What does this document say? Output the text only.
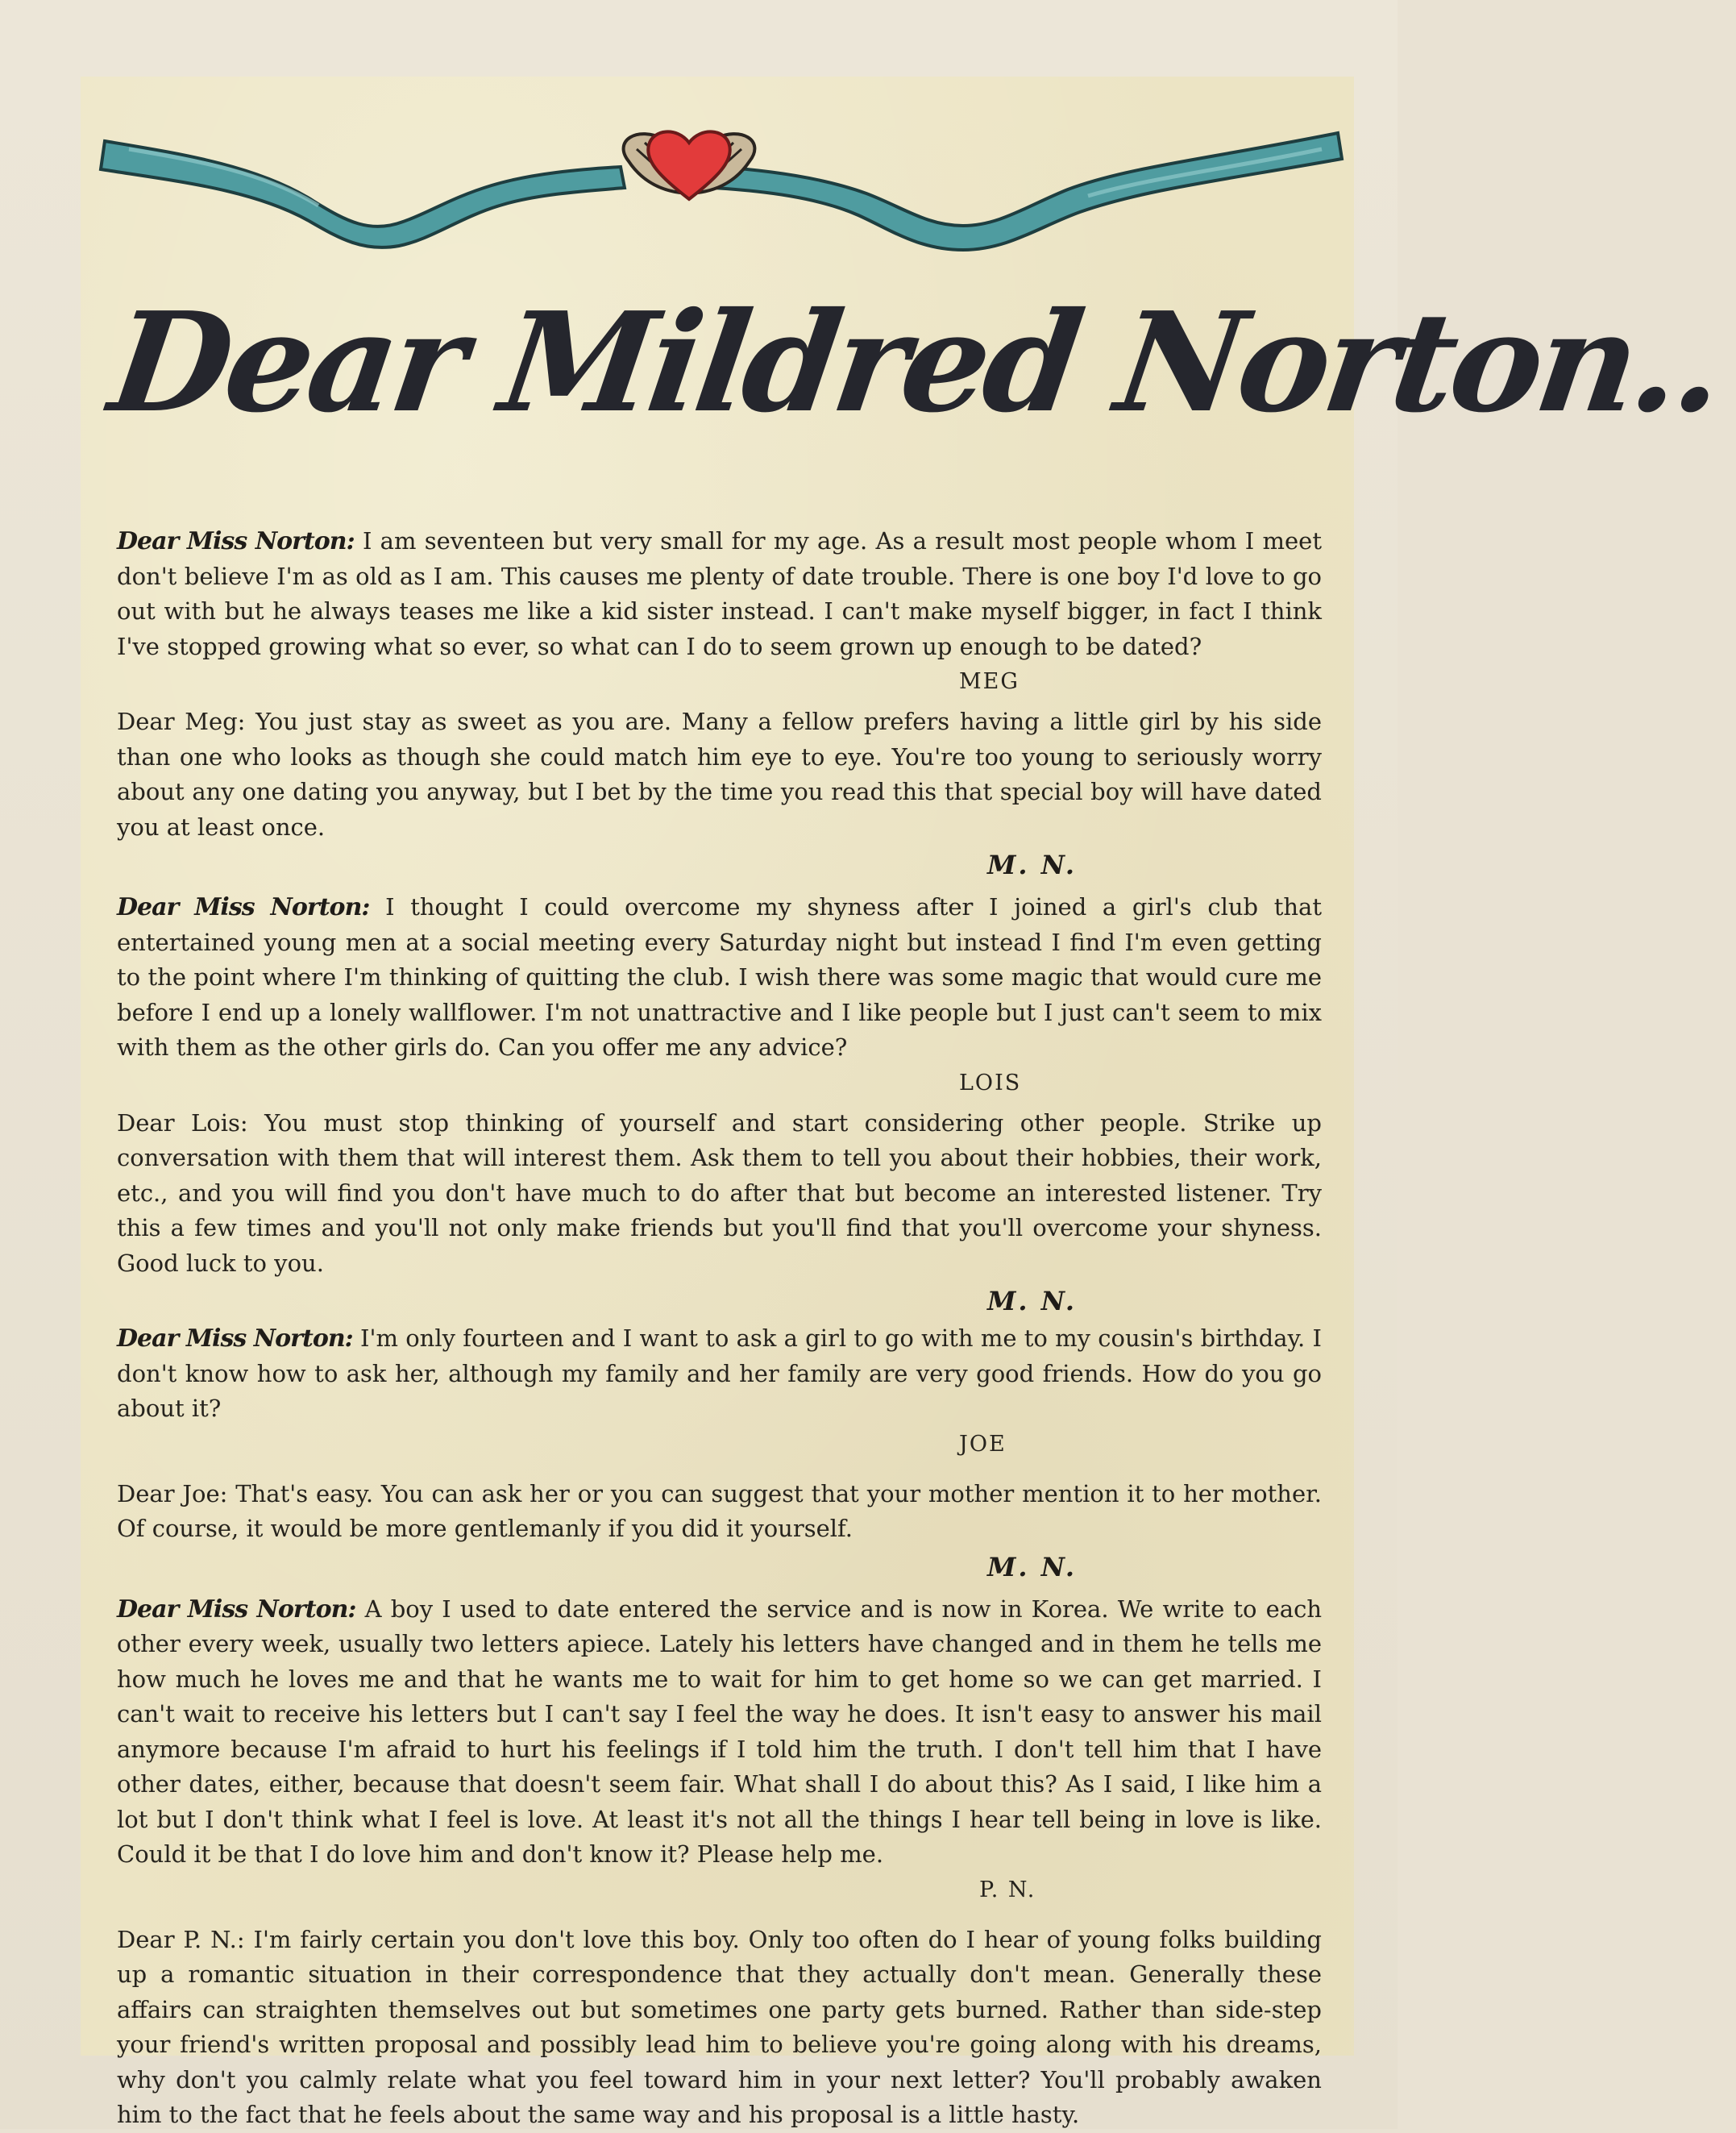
Dear Mildred Norton..

Dear Miss Norton: I am seventeen but very small for my age. As a result most people whom I meet don't believe I'm as old as I am. This causes me plenty of date trouble. There is one boy I'd love to go out with but he always teases me like a kid sister instead. I can't make myself bigger, in fact I think I've stopped growing what so ever, so what can I do to seem grown up enough to be dated?

MEG

Dear Meg: You just stay as sweet as you are. Many a fellow prefers having a little girl by his side than one who looks as though she could match him eye to eye. You're too young to seriously worry about any one dating you anyway, but I bet by the time you read this that special boy will have dated you at least once.

M. N.

Dear Miss Norton: I thought I could overcome my shyness after I joined a girl's club that entertained young men at a social meeting every Saturday night but instead I find I'm even getting to the point where I'm thinking of quitting the club. I wish there was some magic that would cure me before I end up a lonely wallflower. I'm not unattractive and I like people but I just can't seem to mix with them as the other girls do. Can you offer me any advice?

LOIS

Dear Lois: You must stop thinking of yourself and start considering other people. Strike up conversation with them that will interest them. Ask them to tell you about their hobbies, their work, etc., and you will find you don't have much to do after that but become an interested listener. Try this a few times and you'll not only make friends but you'll find that you'll overcome your shyness. Good luck to you.

M. N.

Dear Miss Norton: I'm only fourteen and I want to ask a girl to go with me to my cousin's birthday. I don't know how to ask her, although my family and her family are very good friends. How do you go about it?

JOE

Dear Joe: That's easy. You can ask her or you can suggest that your mother mention it to her mother. Of course, it would be more gentlemanly if you did it yourself.

M. N.

Dear Miss Norton: A boy I used to date entered the service and is now in Korea. We write to each other every week, usually two letters apiece. Lately his letters have changed and in them he tells me how much he loves me and that he wants me to wait for him to get home so we can get married. I can't wait to receive his letters but I can't say I feel the way he does. It isn't easy to answer his mail anymore because I'm afraid to hurt his feelings if I told him the truth. I don't tell him that I have other dates, either, because that doesn't seem fair. What shall I do about this? As I said, I like him a lot but I don't think what I feel is love. At least it's not all the things I hear tell being in love is like. Could it be that I do love him and don't know it? Please help me.

P. N.

Dear P. N.: I'm fairly certain you don't love this boy. Only too often do I hear of young folks building up a romantic situation in their correspondence that they actually don't mean. Generally these affairs can straighten themselves out but sometimes one party gets burned. Rather than side-step your friend's written proposal and possibly lead him to believe you're going along with his dreams, why don't you calmly relate what you feel toward him in your next letter? You'll probably awaken him to the fact that he feels about the same way and his proposal is a little hasty.
